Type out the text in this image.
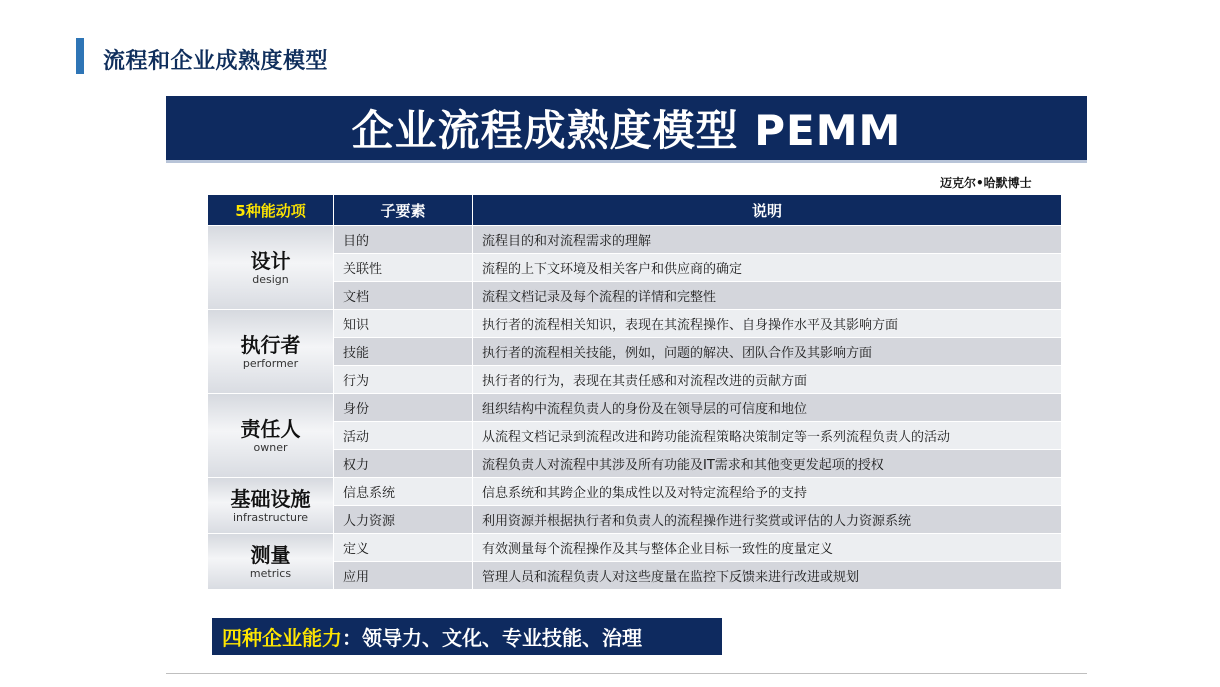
流程和企业成熟度模型
企业流程成熟度模型 PEMM
迈克尔•哈默博士
5种能动项	子要素	说明

设计
design	目的	流程目的和对流程需求的理解
	关联性	流程的上下文环境及相关客户和供应商的确定
	文档	流程文档记录及每个流程的详情和完整性

执行者
performer	知识	执行者的流程相关知识，表现在其流程操作、自身操作水平及其影响方面
	技能	执行者的流程相关技能，例如，问题的解决、团队合作及其影响方面
	行为	执行者的行为，表现在其责任感和对流程改进的贡献方面

责任人
owner	身份	组织结构中流程负责人的身份及在领导层的可信度和地位
	活动	从流程文档记录到流程改进和跨功能流程策略决策制定等一系列流程负责人的活动
	权力	流程负责人对流程中其涉及所有功能及IT需求和其他变更发起项的授权

基础设施
infrastructure	信息系统	信息系统和其跨企业的集成性以及对特定流程给予的支持
	人力资源	利用资源并根据执行者和负责人的流程操作进行奖赏或评估的人力资源系统

测量
metrics	定义	有效测量每个流程操作及其与整体企业目标一致性的度量定义
	应用	管理人员和流程负责人对这些度量在监控下反馈来进行改进或规划
四种企业能力 ：领导力、文化、专业技能、治理
